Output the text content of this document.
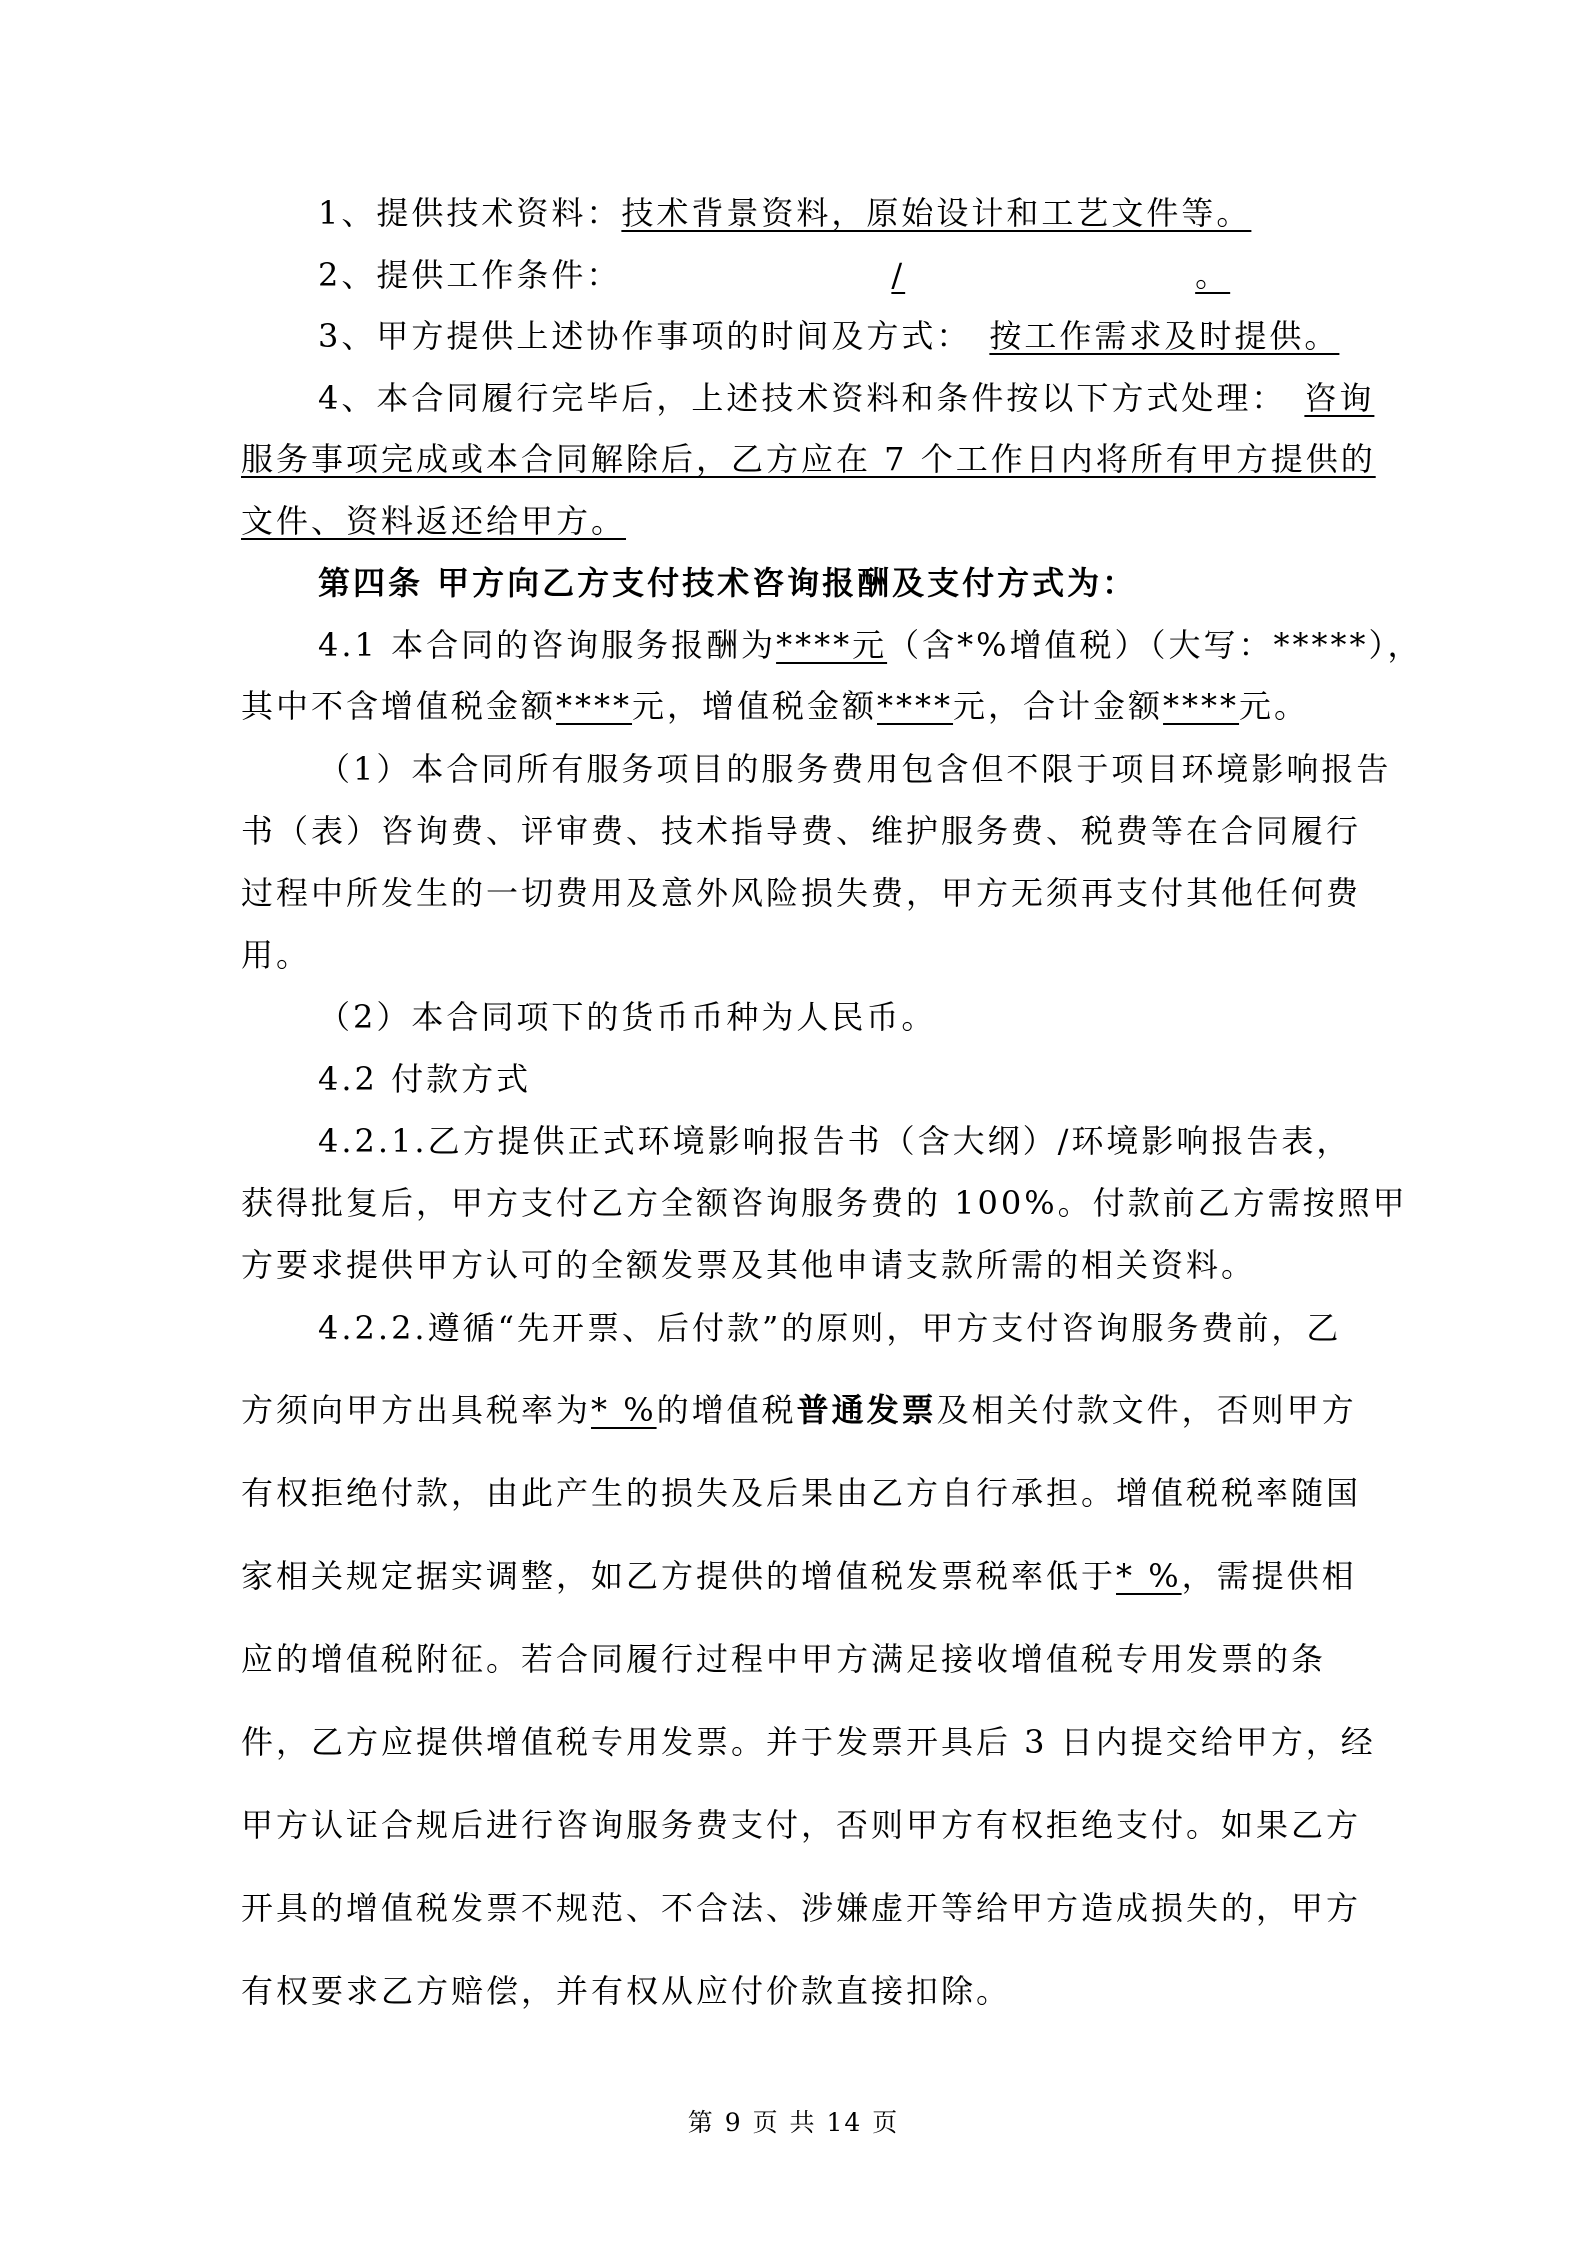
1、提供技术资料：技术背景资料，原始设计和工艺文件等。
2、提供工作条件：	/	。
3、甲方提供上述协作事项的时间及方式： 按工作需求及时提供。
4、本合同履行完毕后，上述技术资料和条件按以下方式处理： 咨询
服务事项完成或本合同解除后，乙方应在 7 个工作日内将所有甲方提供的
文件、资料返还给甲方。
第四条 甲方向乙方支付技术咨询报酬及支付方式为：
4.1 本合同的咨询服务报酬为****元（含*%增值税）（大写：*****），
其中不含增值税金额****元，增值税金额****元，合计金额****元。
（1）本合同所有服务项目的服务费用包含但不限于项目环境影响报告
书（表）咨询费、评审费、技术指导费、维护服务费、税费等在合同履行
过程中所发生的一切费用及意外风险损失费，甲方无须再支付其他任何费
用。
（2）本合同项下的货币币种为人民币。
4.2 付款方式
4.2.1.乙方提供正式环境影响报告书（含大纲）/环境影响报告表，
获得批复后，甲方支付乙方全额咨询服务费的 100%。付款前乙方需按照甲
方要求提供甲方认可的全额发票及其他申请支款所需的相关资料。
4.2.2.遵循“先开票、后付款”的原则，甲方支付咨询服务费前，乙
方须向甲方出具税率为* %的增值税普通发票及相关付款文件，否则甲方
有权拒绝付款，由此产生的损失及后果由乙方自行承担。增值税税率随国
家相关规定据实调整，如乙方提供的增值税发票税率低于* %，需提供相
应的增值税附征。若合同履行过程中甲方满足接收增值税专用发票的条
件，乙方应提供增值税专用发票。并于发票开具后 3 日内提交给甲方，经
甲方认证合规后进行咨询服务费支付，否则甲方有权拒绝支付。如果乙方
开具的增值税发票不规范、不合法、涉嫌虚开等给甲方造成损失的，甲方
有权要求乙方赔偿，并有权从应付价款直接扣除。
第 9 页 共 14 页
